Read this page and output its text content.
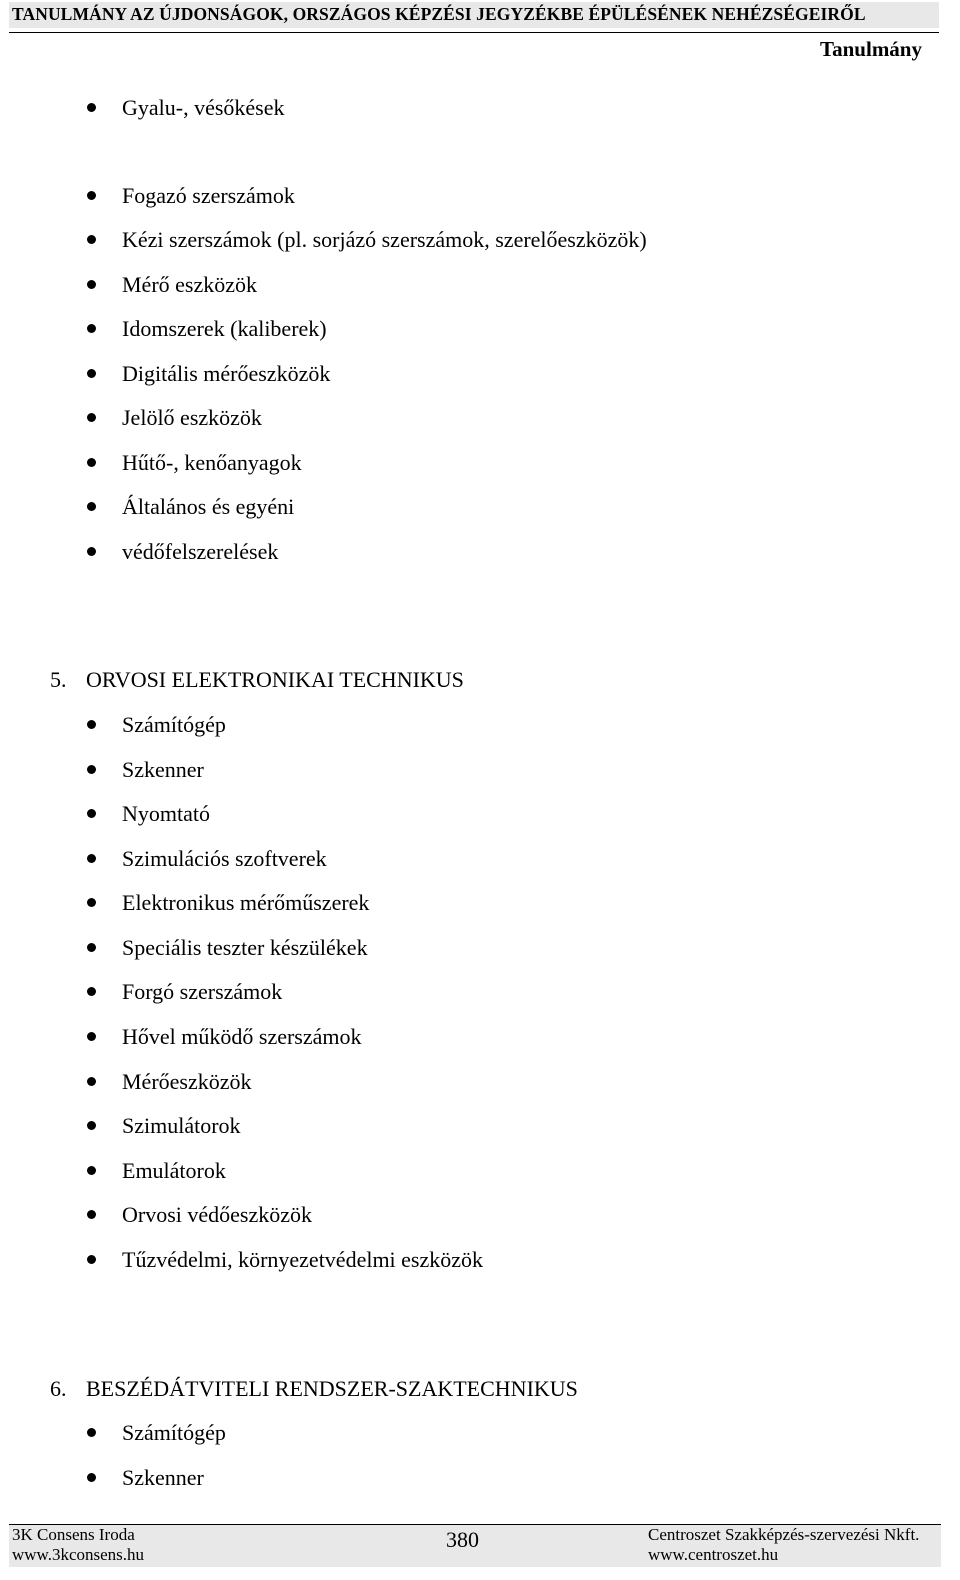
TANULMÁNY AZ ÚJDONSÁGOK, ORSZÁGOS KÉPZÉSI JEGYZÉKBE ÉPÜLÉSÉNEK NEHÉZSÉGEIRŐL
Tanulmány
Gyalu-, vésőkések
Fogazó szerszámok
Kézi szerszámok (pl. sorjázó szerszámok, szerelőeszközök)
Mérő eszközök
Idomszerek (kaliberek)
Digitális mérőeszközök
Jelölő eszközök
Hűtő-, kenőanyagok
Általános és egyéni
védőfelszerelések
5. ORVOSI ELEKTRONIKAI TECHNIKUS
Számítógép
Szkenner
Nyomtató
Szimulációs szoftverek
Elektronikus mérőműszerek
Speciális teszter készülékek
Forgó szerszámok
Hővel működő szerszámok
Mérőeszközök
Szimulátorok
Emulátorok
Orvosi védőeszközök
Tűzvédelmi, környezetvédelmi eszközök
6. BESZÉDÁTVITELI RENDSZER-SZAKTECHNIKUS
Számítógép
Szkenner
3K Consens Iroda
www.3kconsens.hu
380	Centroszet Szakképzés-szervezési Nkft.
www.centroszet.hu
